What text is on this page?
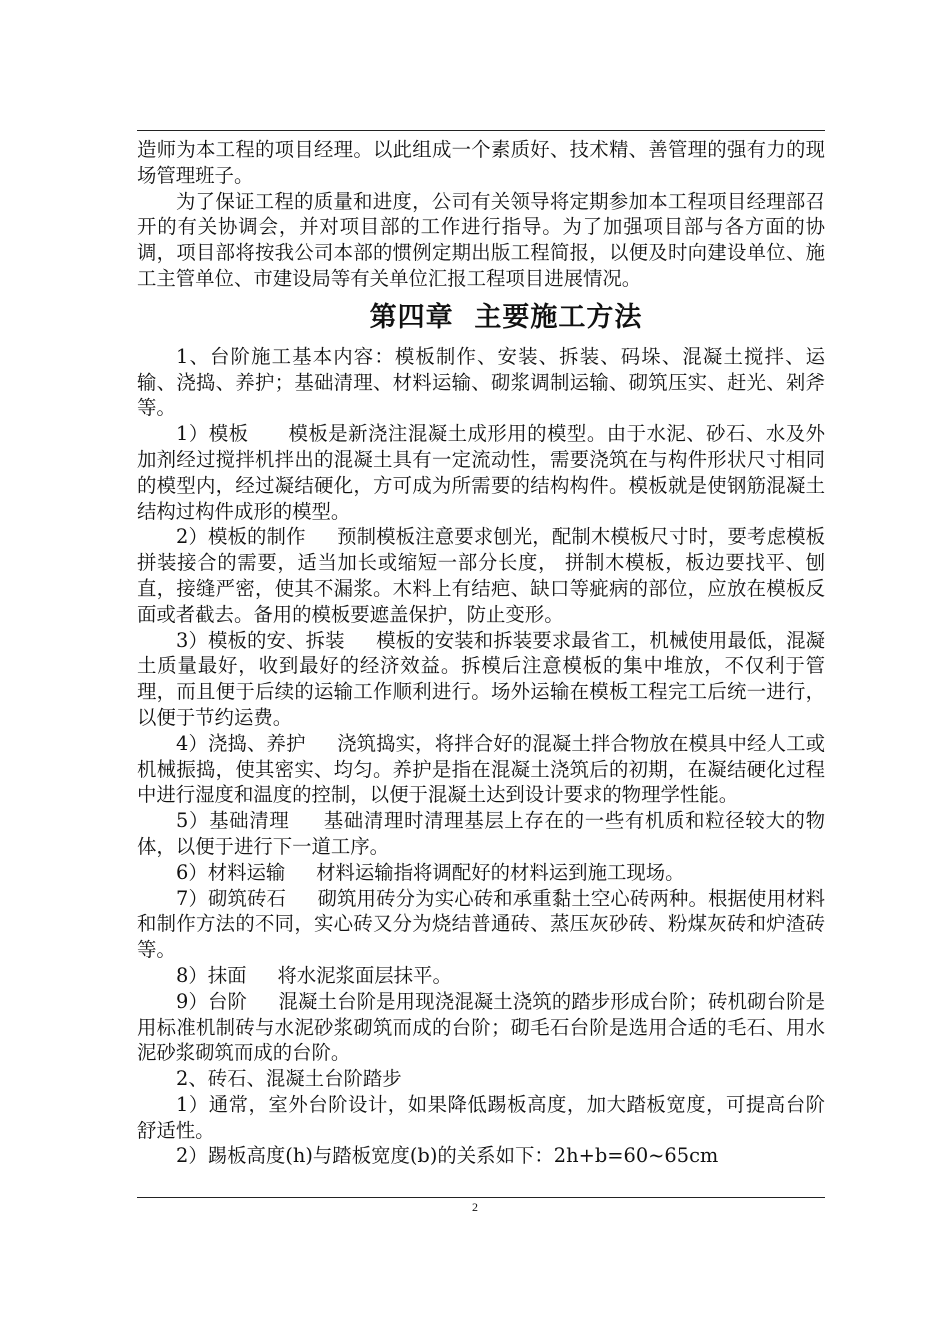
造师为本工程的项目经理。以此组成一个素质好、技术精、善管理的强有力的现场管理班子。

为了保证工程的质量和进度，公司有关领导将定期参加本工程项目经理部召开的有关协调会，并对项目部的工作进行指导。为了加强项目部与各方面的协调，项目部将按我公司本部的惯例定期出版工程简报，以便及时向建设单位、施工主管单位、市建设局等有关单位汇报工程项目进展情况。

第四章  主要施工方法

1、台阶施工基本内容：模板制作、安装、拆装、码垛、混凝土搅拌、运输、浇捣、养护；基础清理、材料运输、砌浆调制运输、砌筑压实、赶光、剁斧等。

1）模板      模板是新浇注混凝土成形用的模型。由于水泥、砂石、水及外加剂经过搅拌机拌出的混凝土具有一定流动性，需要浇筑在与构件形状尺寸相同的模型内，经过凝结硬化，方可成为所需要的结构构件。模板就是使钢筋混凝土结构过构件成形的模型。

2）模板的制作     预制模板注意要求刨光，配制木模板尺寸时，要考虑模板拼装接合的需要，适当加长或缩短一部分长度， 拼制木模板，板边要找平、刨直，接缝严密，使其不漏浆。木料上有结疤、缺口等疵病的部位，应放在模板反面或者截去。备用的模板要遮盖保护，防止变形。

3）模板的安、拆装     模板的安装和拆装要求最省工，机械使用最低，混凝土质量最好，收到最好的经济效益。拆模后注意模板的集中堆放，不仅利于管理，而且便于后续的运输工作顺利进行。场外运输在模板工程完工后统一进行，以便于节约运费。

4）浇捣、养护     浇筑捣实，将拌合好的混凝土拌合物放在模具中经人工或机械振捣，使其密实、均匀。养护是指在混凝土浇筑后的初期，在凝结硬化过程中进行湿度和温度的控制，以便于混凝土达到设计要求的物理学性能。

5）基础清理     基础清理时清理基层上存在的一些有机质和粒径较大的物体，以便于进行下一道工序。

6）材料运输     材料运输指将调配好的材料运到施工现场。

7）砌筑砖石     砌筑用砖分为实心砖和承重黏土空心砖两种。根据使用材料和制作方法的不同，实心砖又分为烧结普通砖、蒸压灰砂砖、粉煤灰砖和炉渣砖等。

8）抹面     将水泥浆面层抹平。

9）台阶     混凝土台阶是用现浇混凝土浇筑的踏步形成台阶；砖机砌台阶是用标准机制砖与水泥砂浆砌筑而成的台阶；砌毛石台阶是选用合适的毛石、用水泥砂浆砌筑而成的台阶。

2、砖石、混凝土台阶踏步

1）通常，室外台阶设计，如果降低踢板高度，加大踏板宽度，可提高台阶舒适性。

2）踢板高度(h)与踏板宽度(b)的关系如下：2h+b=60~65cm

2
